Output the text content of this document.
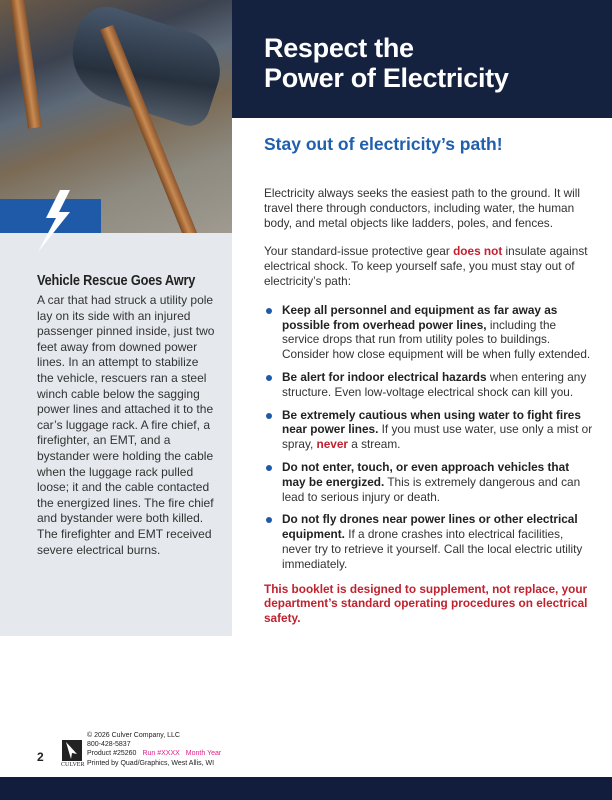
Vehicle Rescue Goes Awry

A car that had struck a utility pole lay on its side with an injured passenger pinned inside, just two feet away from downed power lines. In an attempt to stabilize the vehicle, rescuers ran a steel winch cable below the sagging power lines and attached it to the car’s luggage rack. A fire chief, a firefighter, an EMT, and a bystander were holding the cable when the luggage rack pulled loose; it and the cable contacted the energized lines. The fire chief and bystander were both killed. The firefighter and EMT received severe electrical burns.

Respect the
Power of Electricity
Stay out of electricity’s path!

Electricity always seeks the easiest path to the ground. It will travel there through conductors, including water, the human body, and metal objects like ladders, poles, and fences.

Your standard-issue protective gear does not insulate against electrical shock. To keep yourself safe, you must stay out of electricity’s path:

Keep all personnel and equipment as far away as possible from overhead power lines, including the service drops that run from utility poles to buildings. Consider how close equipment will be when fully extended.
Be alert for indoor electrical hazards when entering any structure. Even low-voltage electrical shock can kill you.
Be extremely cautious when using water to fight fires near power lines. If you must use water, use only a mist or spray, never a stream.
Do not enter, touch, or even approach vehicles that may be energized. This is extremely dangerous and can lead to serious injury or death.
Do not fly drones near power lines or other electrical equipment. If a drone crashes into electrical facilities, never try to retrieve it yourself. Call the local electric utility immediately.

This booklet is designed to supplement, not replace, your department’s standard operating procedures on electrical safety.

2
CULVER
© 2026 Culver Company, LLC
800-428-5837
Product #25260 Run #XXXX Month Year
Printed by Quad/Graphics, West Allis, WI
